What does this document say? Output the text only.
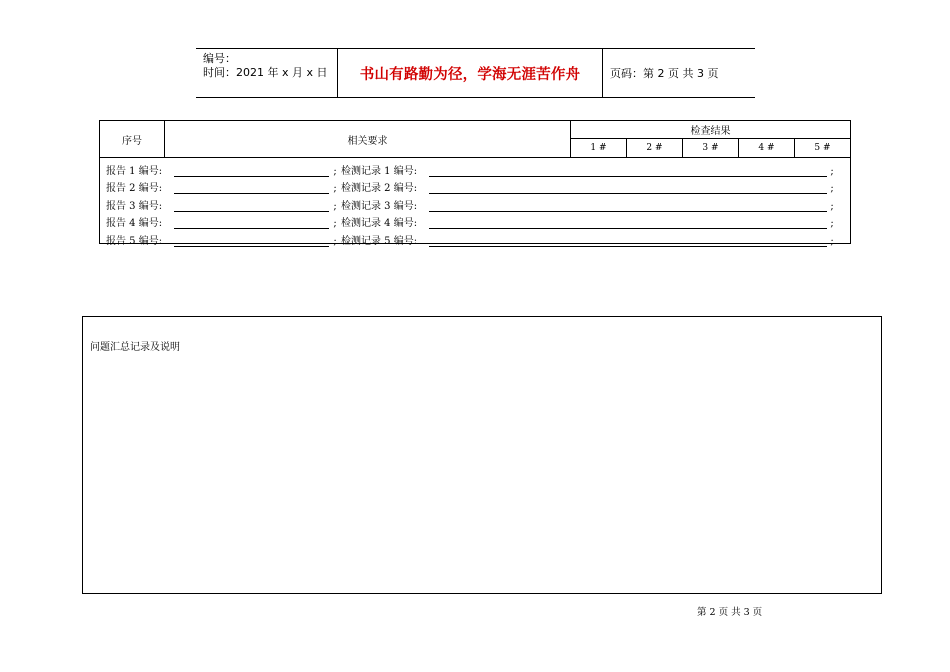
编号：
时间：2021 年 x 月 x 日	书山有路勤为径，学海无涯苦作舟	页码：第 2 页 共 3 页
序号	相关要求
检查结果
1 #	2 #	3 #	4 #	5 #
报告 1 编号:	; 检测记录 1 编号:	;
报告 2 编号:	; 检测记录 2 编号:	;
报告 3 编号:	; 检测记录 3 编号:	;
报告 4 编号:	; 检测记录 4 编号:	;
报告 5 编号:	; 检测记录 5 编号:	;
问题汇总记录及说明
第 2 页 共 3 页
